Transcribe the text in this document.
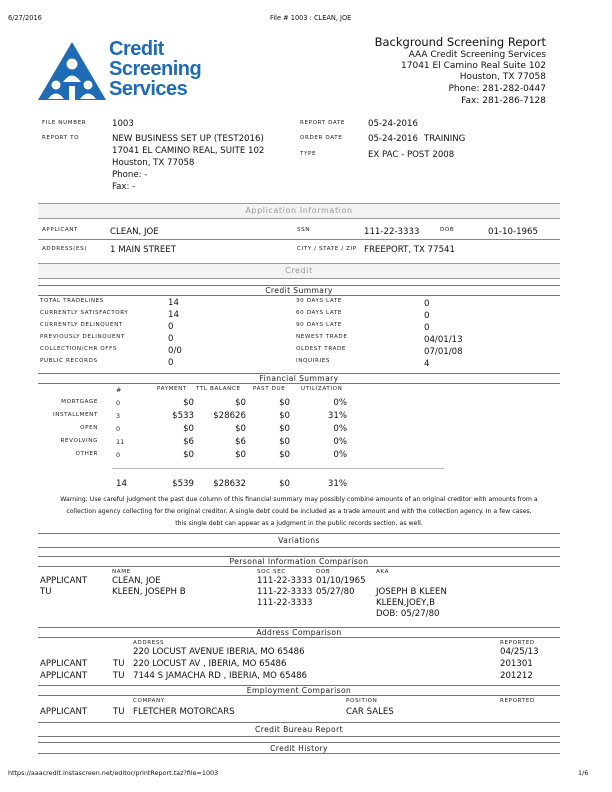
6/27/2016	File # 1003 : CLEAN, JOE
Credit
Screening
Services
Background Screening Report
AAA Credit Screening Services
17041 El Camino Real Suite 102
Houston, TX 77058
Phone: 281-282-0447
Fax: 281-286-7128
FILE NUMBER	1003
REPORT TO	NEW BUSINESS SET UP (TEST2016)
17041 EL CAMINO REAL, SUITE 102
Houston, TX 77058
Phone: -
Fax: -
REPORT DATE	05-24-2016
ORDER DATE	05-24-2016 TRAINING
TYPE	EX PAC - POST 2008
Application Information
APPLICANT	CLEAN, JOE	SSN	111-22-3333	DOB	01-10-1965
ADDRESS(ES)	1 MAIN STREET	CITY / STATE / ZIP FREEPORT, TX 77541
Credit
Credit Summary
TOTAL TRADELINES	14
CURRENTLY SATISFACTORY	14
CURRENTLY DELINQUENT	0
PREVIOUSLY DELINQUENT	0
COLLECTION/CHR OFFS	0/0
PUBLIC RECORDS	0
30 DAYS LATE	0
60 DAYS LATE	0
90 DAYS LATE	0
NEWEST TRADE	04/01/13
OLDEST TRADE	07/01/08
INQUIRIES	4
Financial Summary
#	PAYMENT TTL BALANCE PAST DUE	UTILIZATION
MORTGAGE	0	$0	$0	$0	0%
INSTALLMENT	3	$533	$28626	$0	31%
OPEN	0	$0	$0	$0	0%
REVOLVING	11	$6	$6	$0	0%
OTHER	0	$0	$0	$0	0%
14	$539	$28632	$0	31%
Warning; Use careful judgment the past due column of this financial summary may possibly combine amounts of an original creditor with amounts from a
collection agency collecting for the original creditor. A single debt could be included as a trade amount and with the collection agency. In a few cases,
this single debt can appear as a judgment in the public records section, as well.
Variations
Personal Information Comparison
NAME	SOC SEC	DOB	AKA
APPLICANT	CLEAN, JOE	111-22-3333 01/10/1965
TU	KLEEN, JOSEPH B	111-22-3333 05/27/80 JOSEPH B KLEEN
111-22-3333	KLEEN,JOEY,B
DOB: 05/27/80
Address Comparison
ADDRESS	REPORTED
220 LOCUST AVENUE IBERIA, MO 65486	04/25/13
APPLICANT	TU 220 LOCUST AV , IBERIA, MO 65486	201301
APPLICANT	TU 7144 S JAMACHA RD , IBERIA, MO 65486	201212
Employment Comparison
COMPANY	POSITION	REPORTED
APPLICANT	TU FLETCHER MOTORCARS	CAR SALES
Credit Bureau Report
Credit History
https://aaacredit.instascreen.net/editor/printReport.taz?file=1003	1/6
